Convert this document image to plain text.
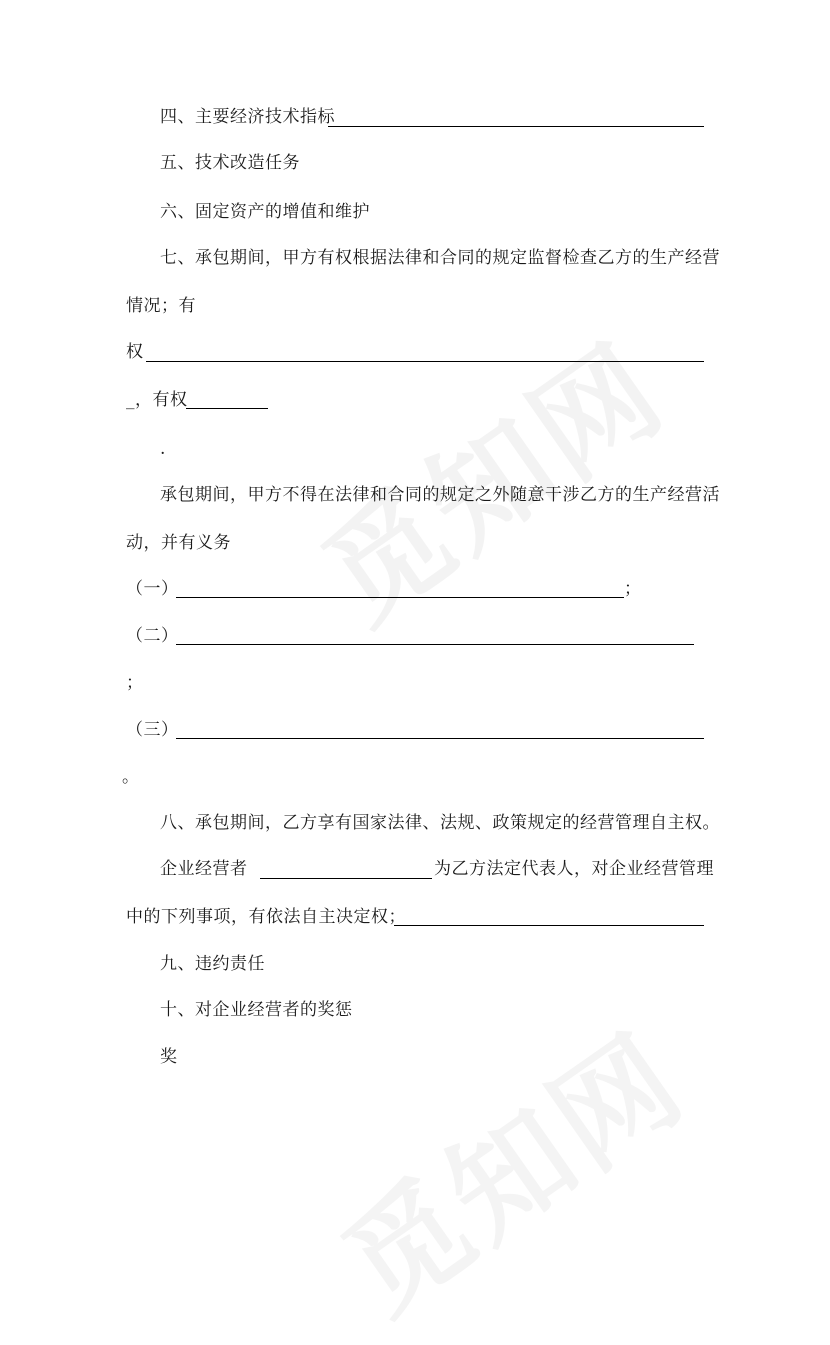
四、主要经济技术指标
五、技术改造任务
六、固定资产的增值和维护
七、承包期间，甲方有权根据法律和合同的规定监督检查乙方的生产经营
情况；有
权
_，有权
.
承包期间，甲方不得在法律和合同的规定之外随意干涉乙方的生产经营活
动，并有义务
（一）	；
（二）
；
（三）
。
八、承包期间，乙方享有国家法律、法规、政策规定的经营管理自主权。
企业经营者	为乙方法定代表人，对企业经营管理
中的下列事项，有依法自主决定权；
九、违约责任
十、对企业经营者的奖惩
奖
